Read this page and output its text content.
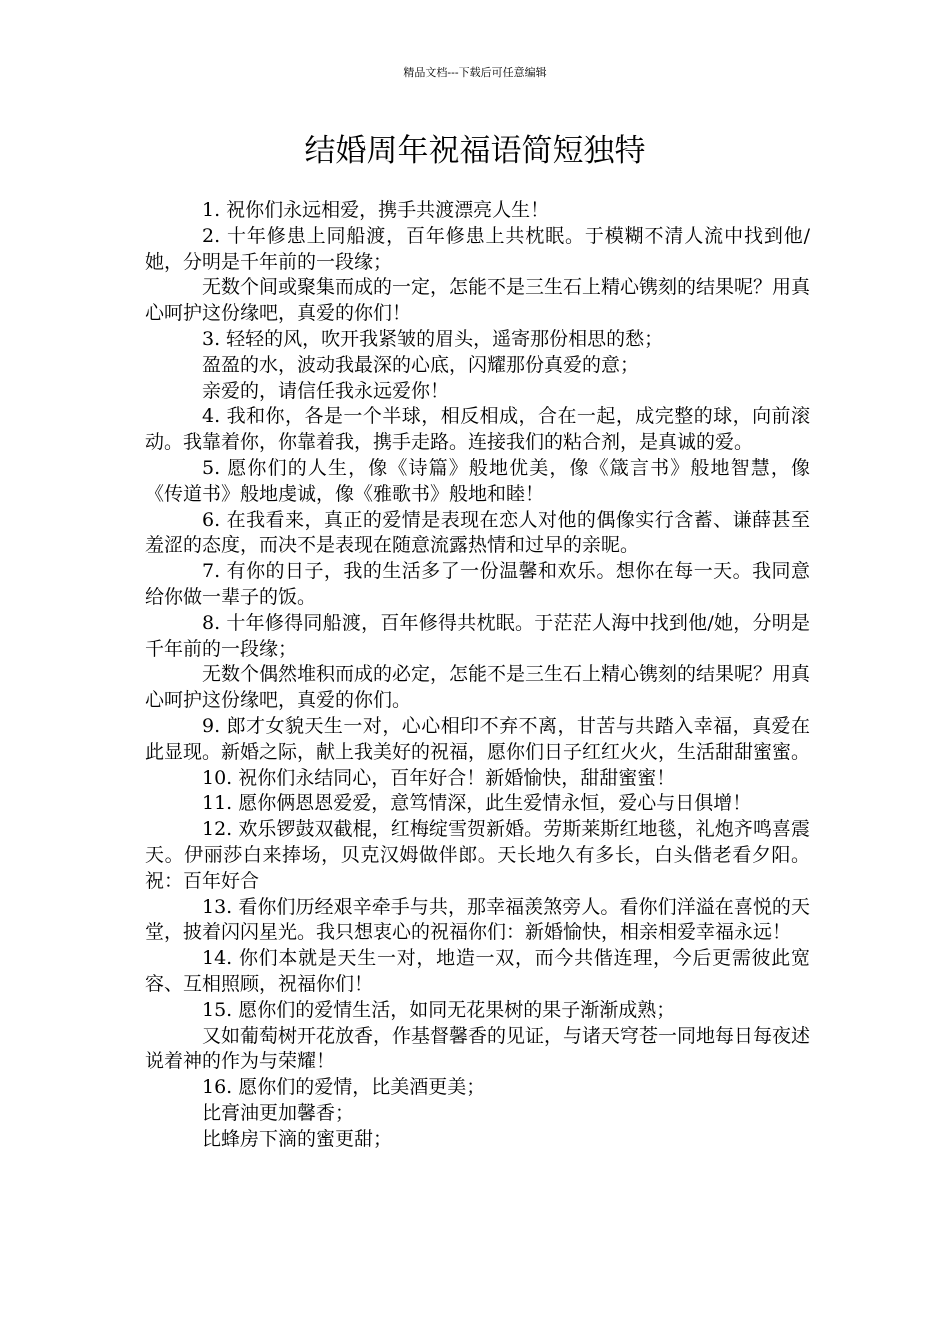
精品文档---下载后可任意编辑
结婚周年祝福语简短独特

1. 祝你们永远相爱，携手共渡漂亮人生！

2. 十年修患上同船渡，百年修患上共枕眠。于模糊不清人流中找到他/她，分明是千年前的一段缘；

无数个间或聚集而成的一定，怎能不是三生石上精心镌刻的结果呢？用真心呵护这份缘吧，真爱的你们！

3. 轻轻的风，吹开我紧皱的眉头，遥寄那份相思的愁；

盈盈的水，波动我最深的心底，闪耀那份真爱的意；

亲爱的，请信任我永远爱你！

4. 我和你，各是一个半球，相反相成，合在一起，成完整的球，向前滚动。我靠着你，你靠着我，携手走路。连接我们的粘合剂，是真诚的爱。

5. 愿你们的人生，像《诗篇》般地优美，像《箴言书》般地智慧，像《传道书》般地虔诚，像《雅歌书》般地和睦！

6. 在我看来，真正的爱情是表现在恋人对他的偶像实行含蓄、谦薛甚至羞涩的态度，而决不是表现在随意流露热情和过早的亲昵。

7. 有你的日子，我的生活多了一份温馨和欢乐。想你在每一天。我同意给你做一辈子的饭。

8. 十年修得同船渡，百年修得共枕眠。于茫茫人海中找到他/她，分明是千年前的一段缘；

无数个偶然堆积而成的必定，怎能不是三生石上精心镌刻的结果呢？用真心呵护这份缘吧，真爱的你们。

9. 郎才女貌天生一对，心心相印不弃不离，甘苦与共踏入幸福，真爱在此显现。新婚之际，献上我美好的祝福，愿你们日子红红火火，生活甜甜蜜蜜。

10. 祝你们永结同心，百年好合！新婚愉快，甜甜蜜蜜！

11. 愿你俩恩恩爱爱，意笃情深，此生爱情永恒，爱心与日俱增！

12. 欢乐锣鼓双截棍，红梅绽雪贺新婚。劳斯莱斯红地毯，礼炮齐鸣喜震天。伊丽莎白来捧场，贝克汉姆做伴郎。天长地久有多长，白头偕老看夕阳。祝：百年好合

13. 看你们历经艰辛牵手与共，那幸福羡煞旁人。看你们洋溢在喜悦的天堂，披着闪闪星光。我只想衷心的祝福你们：新婚愉快，相亲相爱幸福永远！

14. 你们本就是天生一对，地造一双，而今共偕连理，今后更需彼此宽容、互相照顾，祝福你们！

15. 愿你们的爱情生活，如同无花果树的果子渐渐成熟；

又如葡萄树开花放香，作基督馨香的见证，与诸天穹苍一同地每日每夜述说着神的作为与荣耀！

16. 愿你们的爱情，比美酒更美；

比膏油更加馨香；

比蜂房下滴的蜜更甜；
